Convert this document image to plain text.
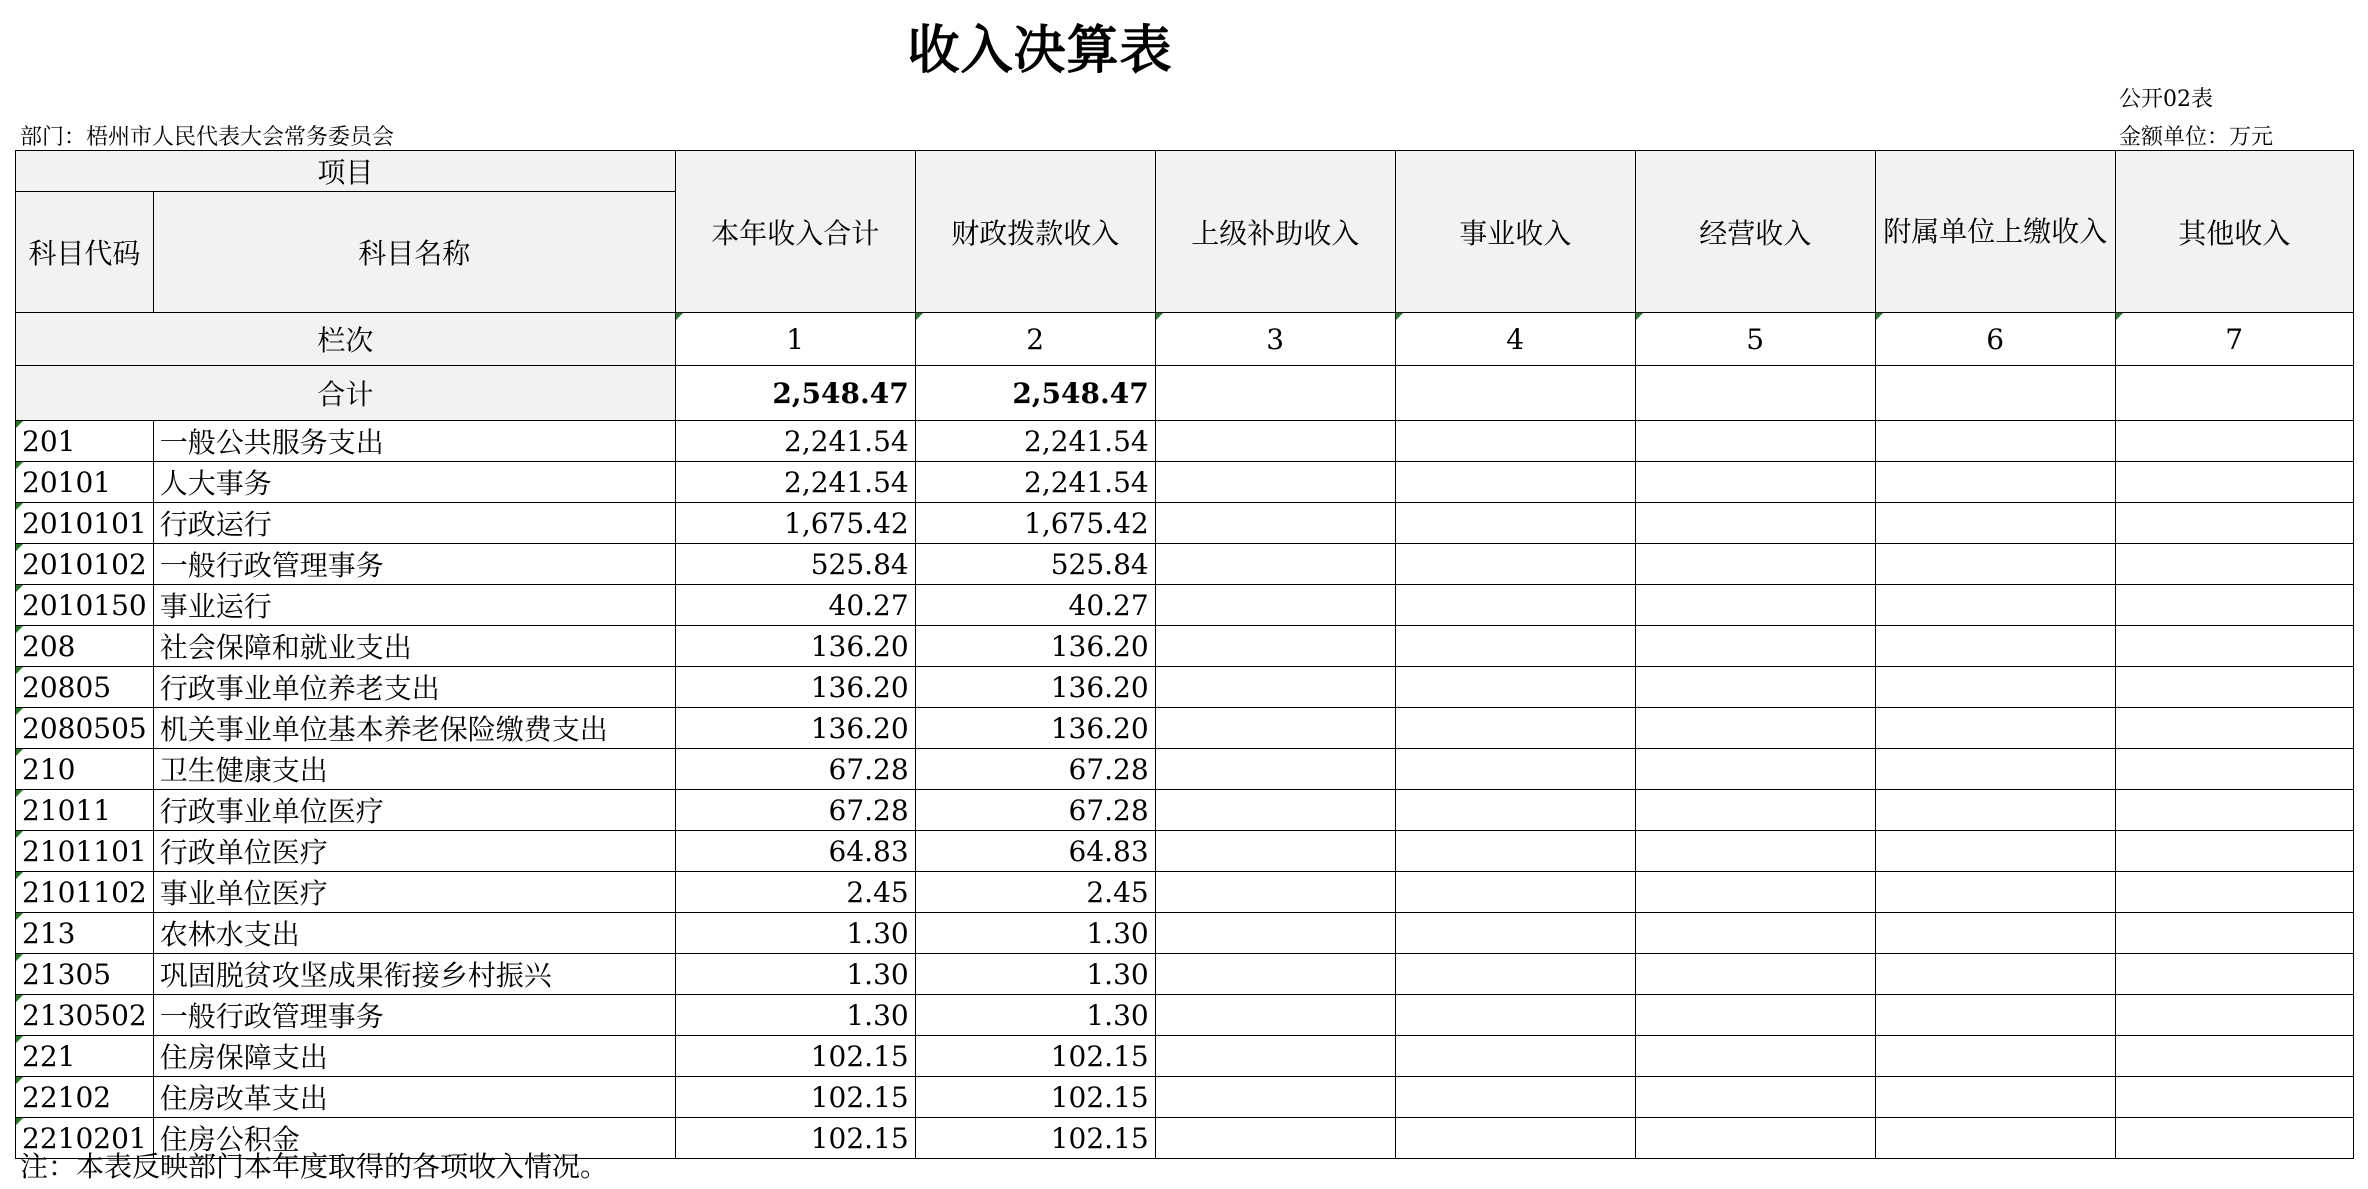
收入决算表
公开02表
部门：梧州市人民代表大会常务委员会	金额单位：万元
项目		本年收入合计	财政拨款收入	上级补助收入	事业收入	经营收入	附属单位上缴收入	其他收入
科目代码	科目名称							
栏次		1	2	3	4	5	6	7
合计		2,548.47	2,548.47					
201	一般公共服务支出	2,241.54	2,241.54					
20101	人大事务	2,241.54	2,241.54					
2010101	行政运行	1,675.42	1,675.42					
2010102	一般行政管理事务	525.84	525.84					
2010150	事业运行	40.27	40.27					
208	社会保障和就业支出	136.20	136.20					
20805	行政事业单位养老支出	136.20	136.20					
2080505	机关事业单位基本养老保险缴费支出	136.20	136.20					
210	卫生健康支出	67.28	67.28					
21011	行政事业单位医疗	67.28	67.28					
2101101	行政单位医疗	64.83	64.83					
2101102	事业单位医疗	2.45	2.45					
213	农林水支出	1.30	1.30					
21305	巩固脱贫攻坚成果衔接乡村振兴	1.30	1.30					
2130502	一般行政管理事务	1.30	1.30					
221	住房保障支出	102.15	102.15					
22102	住房改革支出	102.15	102.15					
2210201	住房公积金	102.15	102.15					
注：本表反映部门本年度取得的各项收入情况。
